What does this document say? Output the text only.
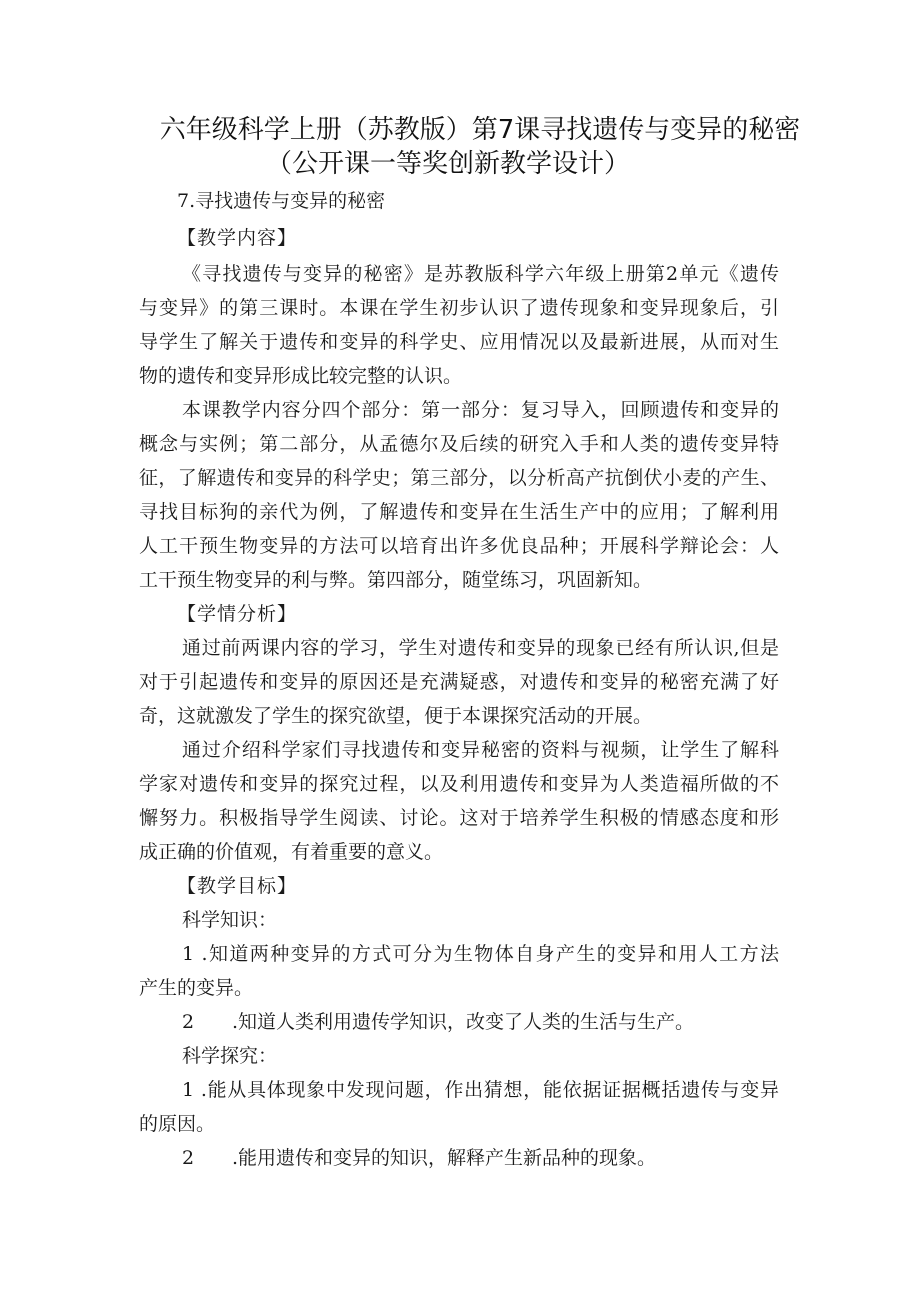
六年级科学上册（苏教版）第7课寻找遗传与变异的秘密
（公开课一等奖创新教学设计）
7.寻找遗传与变异的秘密
【教学内容】
《寻找遗传与变异的秘密》是苏教版科学六年级上册第2单元《遗传
与变异》的第三课时。本课在学生初步认识了遗传现象和变异现象后，引
导学生了解关于遗传和变异的科学史、应用情况以及最新进展，从而对生
物的遗传和变异形成比较完整的认识。
本课教学内容分四个部分：第一部分：复习导入，回顾遗传和变异的
概念与实例；第二部分，从孟德尔及后续的研究入手和人类的遗传变异特
征，了解遗传和变异的科学史；第三部分，以分析高产抗倒伏小麦的产生、
寻找目标狗的亲代为例，了解遗传和变异在生活生产中的应用；了解利用
人工干预生物变异的方法可以培育出许多优良品种；开展科学辩论会：人
工干预生物变异的利与弊。第四部分，随堂练习，巩固新知。
【学情分析】
通过前两课内容的学习，学生对遗传和变异的现象已经有所认识,但是
对于引起遗传和变异的原因还是充满疑惑，对遗传和变异的秘密充满了好
奇，这就激发了学生的探究欲望，便于本课探究活动的开展。
通过介绍科学家们寻找遗传和变异秘密的资料与视频，让学生了解科
学家对遗传和变异的探究过程，以及利用遗传和变异为人类造福所做的不
懈努力。积极指导学生阅读、讨论。这对于培养学生积极的情感态度和形
成正确的价值观，有着重要的意义。
【教学目标】
科学知识：
1 .知道两种变异的方式可分为生物体自身产生的变异和用人工方法
产生的变异。
2 .知道人类利用遗传学知识，改变了人类的生活与生产。
科学探究：
1 .能从具体现象中发现问题，作出猜想，能依据证据概括遗传与变异
的原因。
2 .能用遗传和变异的知识，解释产生新品种的现象。
